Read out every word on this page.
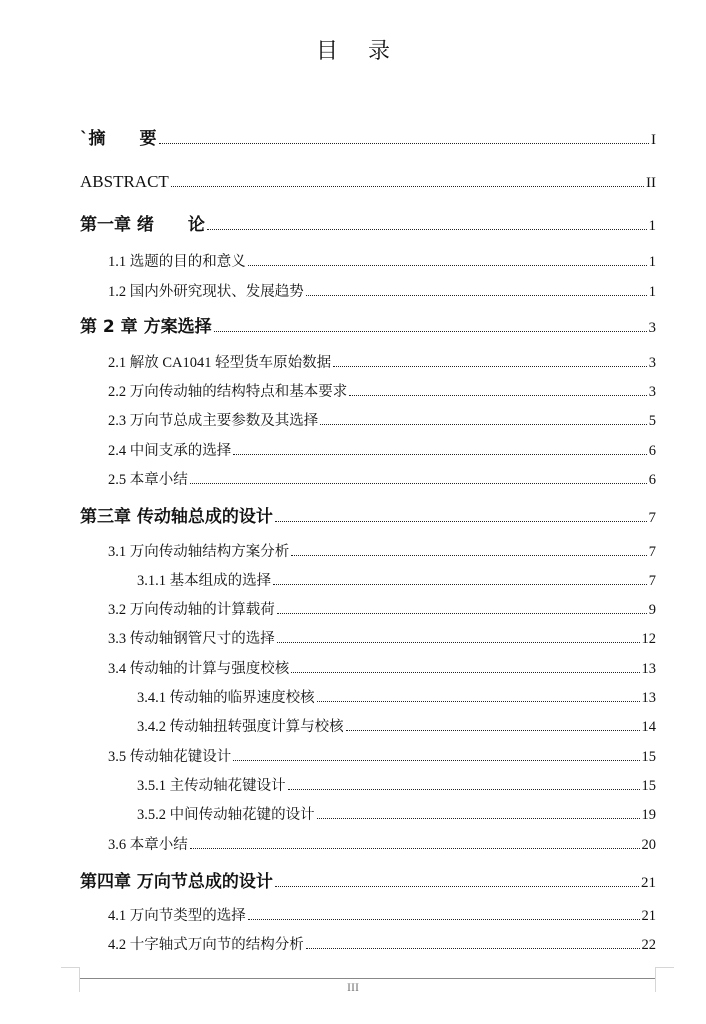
目 录
`摘　　要	I
ABSTRACT	II
第一章 绪　　论	1
1.1 选题的目的和意义	1
1.2 国内外研究现状、发展趋势	1
第 2 章 方案选择	3
2.1 解放 CA1041 轻型货车原始数据	3
2.2 万向传动轴的结构特点和基本要求	3
2.3 万向节总成主要参数及其选择	5
2.4 中间支承的选择	6
2.5 本章小结	6
第三章 传动轴总成的设计	7
3.1 万向传动轴结构方案分析	7
3.1.1 基本组成的选择	7
3.2 万向传动轴的计算载荷	9
3.3 传动轴钢管尺寸的选择	12
3.4 传动轴的计算与强度校核	13
3.4.1 传动轴的临界速度校核	13
3.4.2 传动轴扭转强度计算与校核	14
3.5 传动轴花键设计	15
3.5.1 主传动轴花键设计	15
3.5.2 中间传动轴花键的设计	19
3.6 本章小结	20
第四章 万向节总成的设计	21
4.1 万向节类型的选择	21
4.2 十字轴式万向节的结构分析	22
III
